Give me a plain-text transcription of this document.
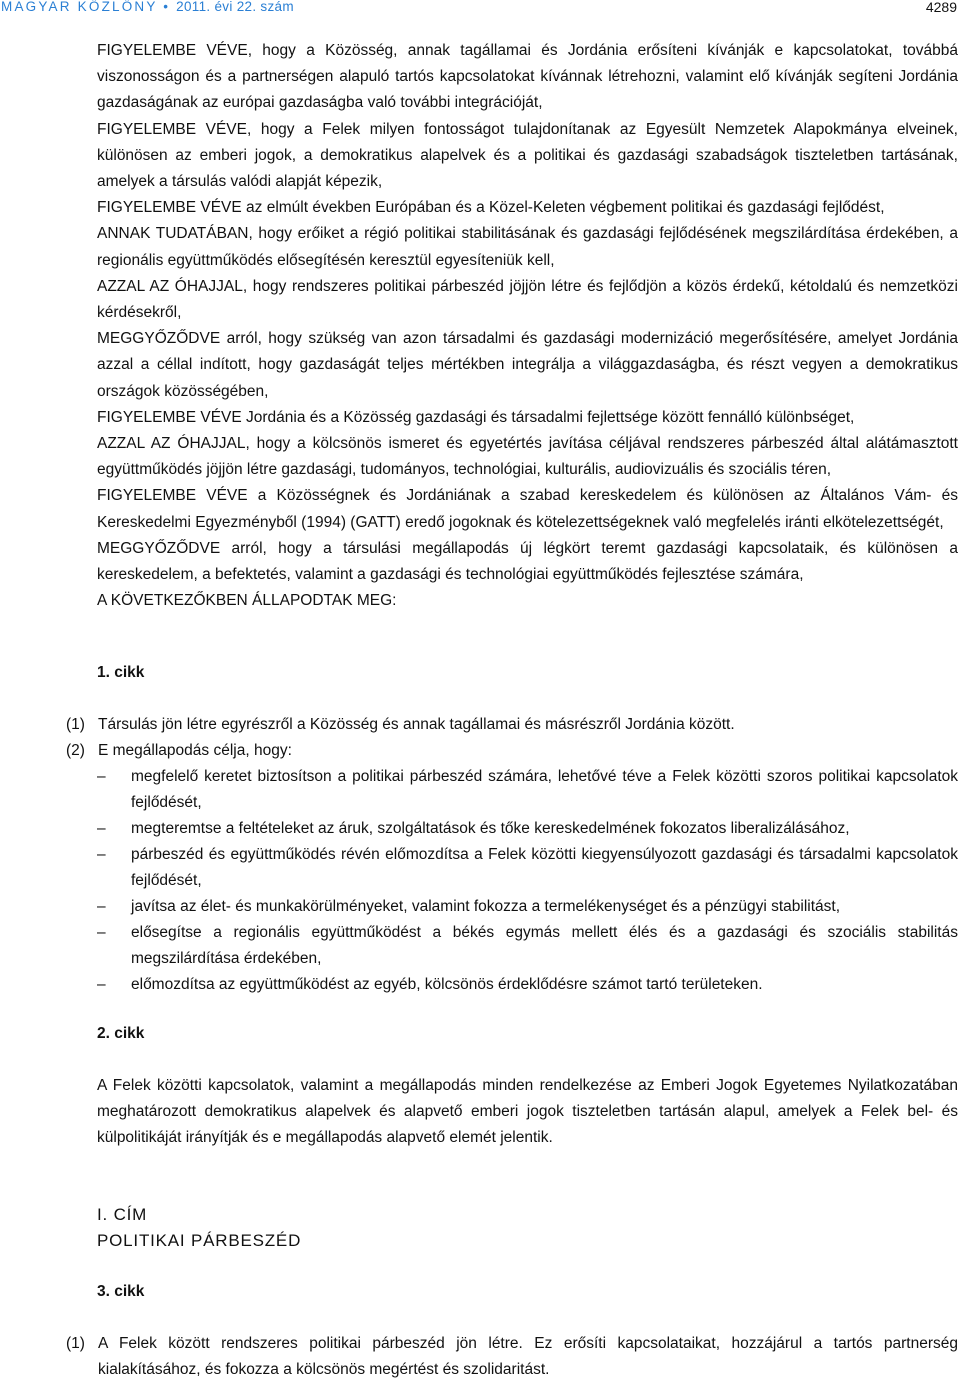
MAGYAR KÖZLÖNY • 2011. évi 22. szám	4289

FIGYELEMBE VÉVE, hogy a Közösség, annak tagállamai és Jordánia erősíteni kívánják e kapcsolatokat, továbbá viszonosságon és a partnerségen alapuló tartós kapcsolatokat kívánnak létrehozni, valamint elő kívánják segíteni Jordánia gazdaságának az európai gazdaságba való további integrációját,

FIGYELEMBE VÉVE, hogy a Felek milyen fontosságot tulajdonítanak az Egyesült Nemzetek Alapokmánya elveinek, különösen az emberi jogok, a demokratikus alapelvek és a politikai és gazdasági szabadságok tiszteletben tartásának, amelyek a társulás valódi alapját képezik,

FIGYELEMBE VÉVE az elmúlt években Európában és a Közel-Keleten végbement politikai és gazdasági fejlődést,

ANNAK TUDATÁBAN, hogy erőiket a régió politikai stabilitásának és gazdasági fejlődésének megszilárdítása érdekében, a regionális együttműködés elősegítésén keresztül egyesíteniük kell,

AZZAL AZ ÓHAJJAL, hogy rendszeres politikai párbeszéd jöjjön létre és fejlődjön a közös érdekű, kétoldalú és nemzetközi kérdésekről,

MEGGYŐZŐDVE arról, hogy szükség van azon társadalmi és gazdasági modernizáció megerősítésére, amelyet Jordánia azzal a céllal indított, hogy gazdaságát teljes mértékben integrálja a világgazdaságba, és részt vegyen a demokratikus országok közösségében,

FIGYELEMBE VÉVE Jordánia és a Közösség gazdasági és társadalmi fejlettsége között fennálló különbséget,

AZZAL AZ ÓHAJJAL, hogy a kölcsönös ismeret és egyetértés javítása céljával rendszeres párbeszéd által alátámasztott együttműködés jöjjön létre gazdasági, tudományos, technológiai, kulturális, audiovizuális és szociális téren,

FIGYELEMBE VÉVE a Közösségnek és Jordániának a szabad kereskedelem és különösen az Általános Vám- és Kereskedelmi Egyezményből (1994) (GATT) eredő jogoknak és kötelezettségeknek való megfelelés iránti elkötelezettségét,

MEGGYŐZŐDVE arról, hogy a társulási megállapodás új légkört teremt gazdasági kapcsolataik, és különösen a kereskedelem, a befektetés, valamint a gazdasági és technológiai együttműködés fejlesztése számára,

A KÖVETKEZŐKBEN ÁLLAPODTAK MEG:

1. cikk
(1) Társulás jön létre egyrészről a Közösség és annak tagállamai és másrészről Jordánia között.
(2) E megállapodás célja, hogy:
–	megfelelő keretet biztosítson a politikai párbeszéd számára, lehetővé téve a Felek közötti szoros politikai kapcsolatok fejlődését,
–	megteremtse a feltételeket az áruk, szolgáltatások és tőke kereskedelmének fokozatos liberalizálásához,
–	párbeszéd és együttműködés révén előmozdítsa a Felek közötti kiegyensúlyozott gazdasági és társadalmi kapcsolatok fejlődését,
–	javítsa az élet- és munkakörülményeket, valamint fokozza a termelékenységet és a pénzügyi stabilitást,
–	elősegítse a regionális együttműködést a békés egymás mellett élés és a gazdasági és szociális stabilitás megszilárdítása érdekében,
–	előmozdítsa az együttműködést az egyéb, kölcsönös érdeklődésre számot tartó területeken.
2. cikk

A Felek közötti kapcsolatok, valamint a megállapodás minden rendelkezése az Emberi Jogok Egyetemes Nyilatkozatában meghatározott demokratikus alapelvek és alapvető emberi jogok tiszteletben tartásán alapul, amelyek a Felek bel- és külpolitikáját irányítják és e megállapodás alapvető elemét jelentik.

I. CÍM
POLITIKAI PÁRBESZÉD
3. cikk
(1) A Felek között rendszeres politikai párbeszéd jön létre. Ez erősíti kapcsolataikat, hozzájárul a tartós partnerség kialakításához, és fokozza a kölcsönös megértést és szolidaritást.
